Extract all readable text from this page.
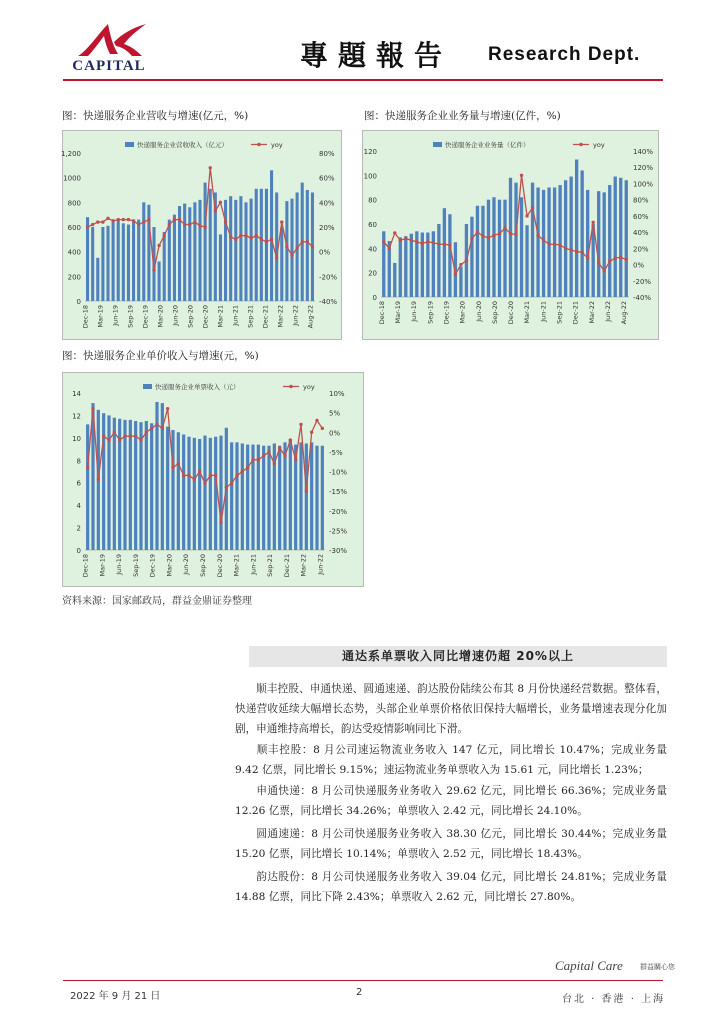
CAPITAL	專題報告 Research Dept.
图：快递服务企业营收与增速(亿元，%)
1,200
1000
800
600
400
200
0
80%
60%
40%
20%
0%
-20%
-40%
Dec-18 Mar-19 Jun-19 Sep-19 Dec-19 Mar-20 Jun-20 Sep-20 Dec-20 Mar-21 Jun-21 Sep-21 Dec-21 Mar-22 Jun-22 Aug-22
快递服务企业营收收入（亿元）	yoy
图：快递服务企业业务量与增速(亿件，%)
120
100
80
60
40
20
0
140%
120%
100%
80%
60%
40%
20%
0%
-20%
-40%
Dec-18 Mar-19 Jun-19 Sep-19 Dec-19 Mar-20 Jun-20 Sep-20 Dec-20 Mar-21 Jun-21 Sep-21 Dec-21 Mar-22 Jun-22 Aug-22
快递服务企业业务量（亿件）	yoy
图：快递服务企业单价收入与增速(元，%)
14
12
10
8
6
4
2
0
10%
5%
0%
-5%
-10%
-15%
-20%
-25%
-30%
Dec-18 Mar-19 Jun-19 Sep-19 Dec-19 Mar-20 Jun-20 Sep-20 Dec-20 Mar-21 Jun-21 Sep-21 Dec-21 Mar-22 Jun-22
快递服务企业单票收入（元）	yoy
资料来源：国家邮政局，群益金鼎证券整理
通达系单票收入同比增速仍超 20%以上

顺丰控股、申通快递、圆通速递、韵达股份陆续公布其 8 月份快递经营数据。整体看，快递营收延续大幅增长态势，头部企业单票价格依旧保持大幅增长，业务量增速表现分化加剧，申通维持高增长，韵达受疫情影响同比下滑。

顺丰控股：8 月公司速运物流业务收入 147 亿元，同比增长 10.47%；完成业务量 9.42 亿票，同比增长 9.15%；速运物流业务单票收入为 15.61 元，同比增长 1.23%；

申通快递：8 月公司快递服务业务收入 29.62 亿元，同比增长 66.36%；完成业务量 12.26 亿票，同比增长 34.26%；单票收入 2.42 元，同比增长 24.10%。

圆通速递：8 月公司快递服务业务收入 38.30 亿元，同比增长 30.44%；完成业务量 15.20 亿票，同比增长 10.14%；单票收入 2.52 元，同比增长 18.43%。

韵达股份：8 月公司快递服务业务收入 39.04 亿元，同比增长 24.81%；完成业务量 14.88 亿票，同比下降 2.43%；单票收入 2.62 元，同比增长 27.80%。

Capital Care 群益關心您
2022 年 9 月 21 日	2
台北 · 香港 · 上海
